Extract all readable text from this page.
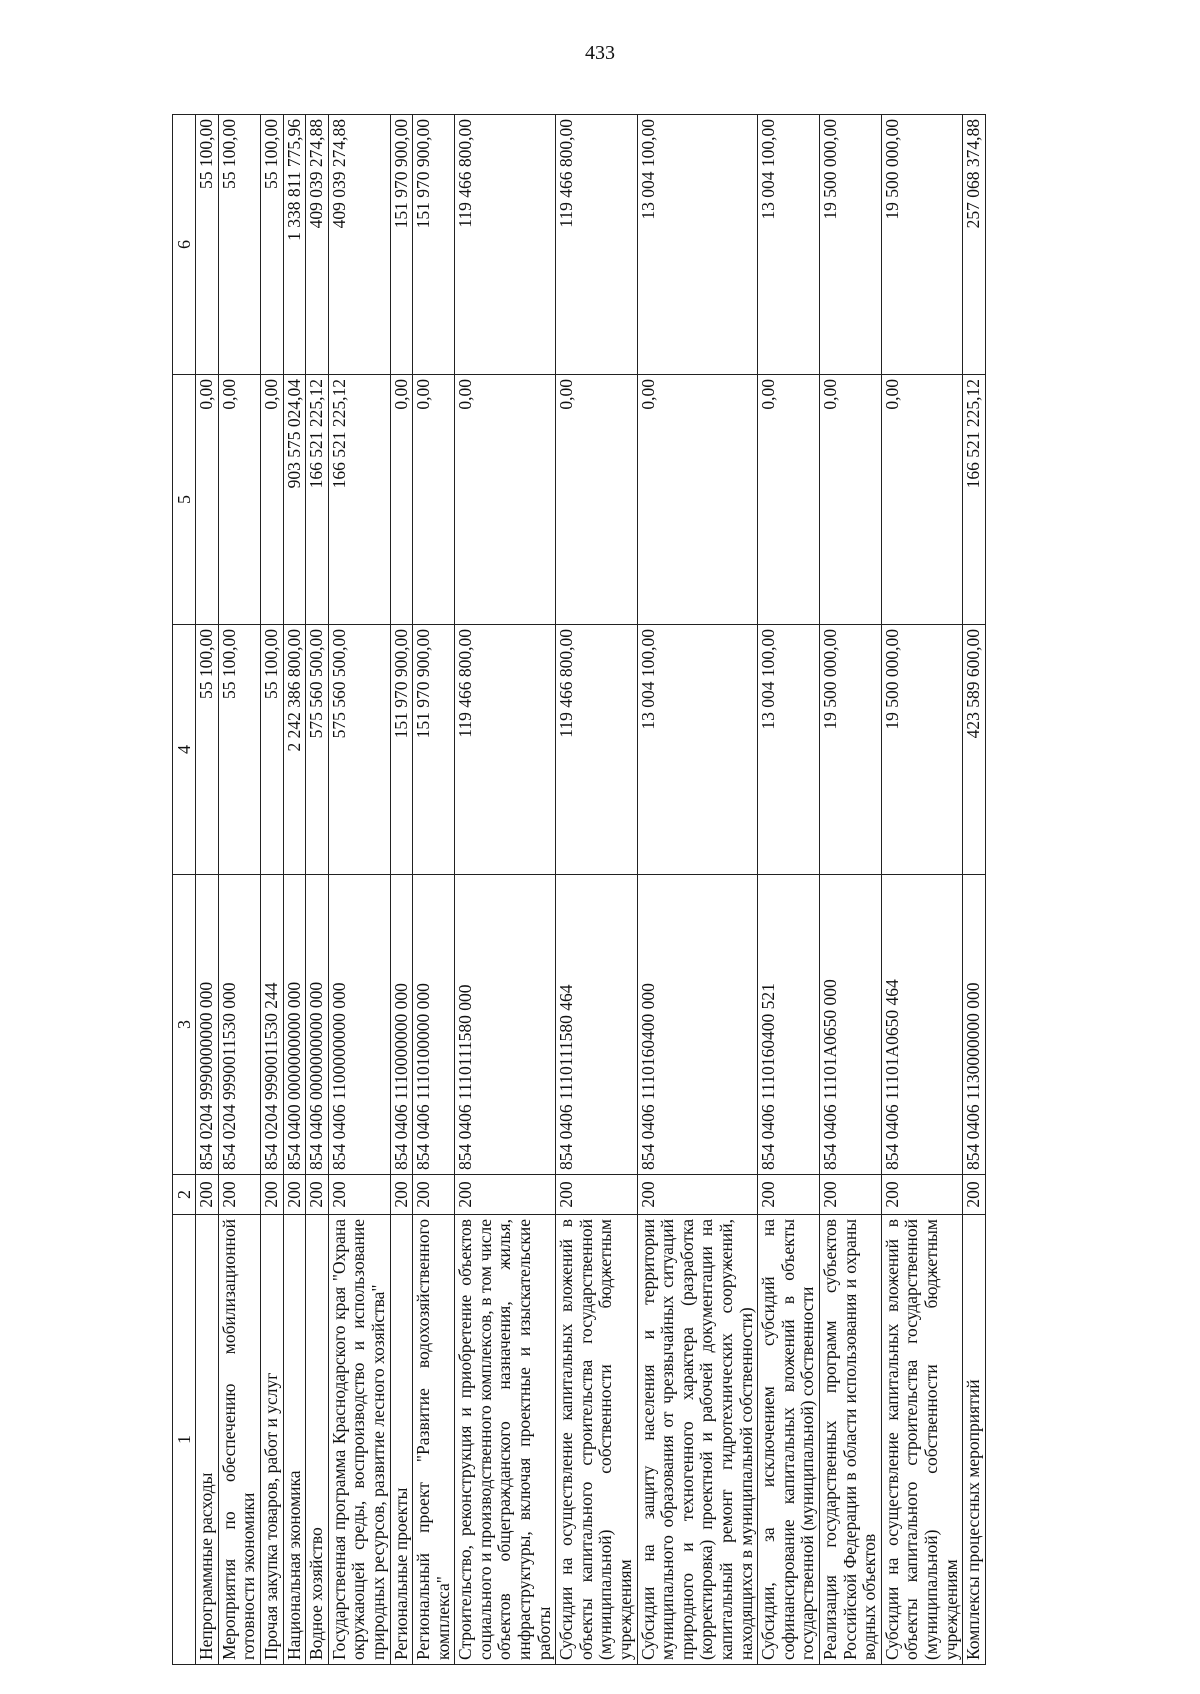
433
1	2	3	4	5	6
Непрограммные расходы	200	854 0204 9990000000 000	55 100,00	0,00	55 100,00
Мероприятия по обеспечению мобилизационной готовности экономики	200	854 0204 9990011530 000	55 100,00	0,00	55 100,00
Прочая закупка товаров, работ и услуг	200	854 0204 9990011530 244	55 100,00	0,00	55 100,00
Национальная экономика	200	854 0400 0000000000 000	2 242 386 800,00	903 575 024,04	1 338 811 775,96
Водное хозяйство	200	854 0406 0000000000 000	575 560 500,00	166 521 225,12	409 039 274,88
Государственная программа Краснодарского края "Охрана окружающей среды, воспроизводство и использование природных ресурсов, развитие лесного хозяйства"	200	854 0406 1100000000 000	575 560 500,00	166 521 225,12	409 039 274,88
Региональные проекты	200	854 0406 1110000000 000	151 970 900,00	0,00	151 970 900,00
Региональный проект "Развитие водохозяйственного комплекса"	200	854 0406 1110100000 000	151 970 900,00	0,00	151 970 900,00
Строительство, реконструкция и приобретение объектов социального и производственного комплексов, в том числе объектов общегражданского назначения, жилья, инфраструктуры, включая проектные и изыскательские работы	200	854 0406 1110111580 000	119 466 800,00	0,00	119 466 800,00
Субсидии на осуществление капитальных вложений в объекты капитального строительства государственной (муниципальной) собственности бюджетным учреждениям	200	854 0406 1110111580 464	119 466 800,00	0,00	119 466 800,00
Субсидии на защиту населения и территории муниципального образования от чрезвычайных ситуаций природного и техногенного характера (разработка (корректировка) проектной и рабочей документации на капитальный ремонт гидротехнических сооружений, находящихся в муниципальной собственности)	200	854 0406 1110160400 000	13 004 100,00	0,00	13 004 100,00
Субсидии, за исключением субсидий на софинансирование капитальных вложений в объекты государственной (муниципальной) собственности	200	854 0406 1110160400 521	13 004 100,00	0,00	13 004 100,00
Реализация государственных программ субъектов Российской Федерации в области использования и охраны водных объектов	200	854 0406 11101A0650 000	19 500 000,00	0,00	19 500 000,00
Субсидии на осуществление капитальных вложений в объекты капитального строительства государственной (муниципальной) собственности бюджетным учреждениям	200	854 0406 11101A0650 464	19 500 000,00	0,00	19 500 000,00
Комплексы процессных мероприятий	200	854 0406 1130000000 000	423 589 600,00	166 521 225,12	257 068 374,88
